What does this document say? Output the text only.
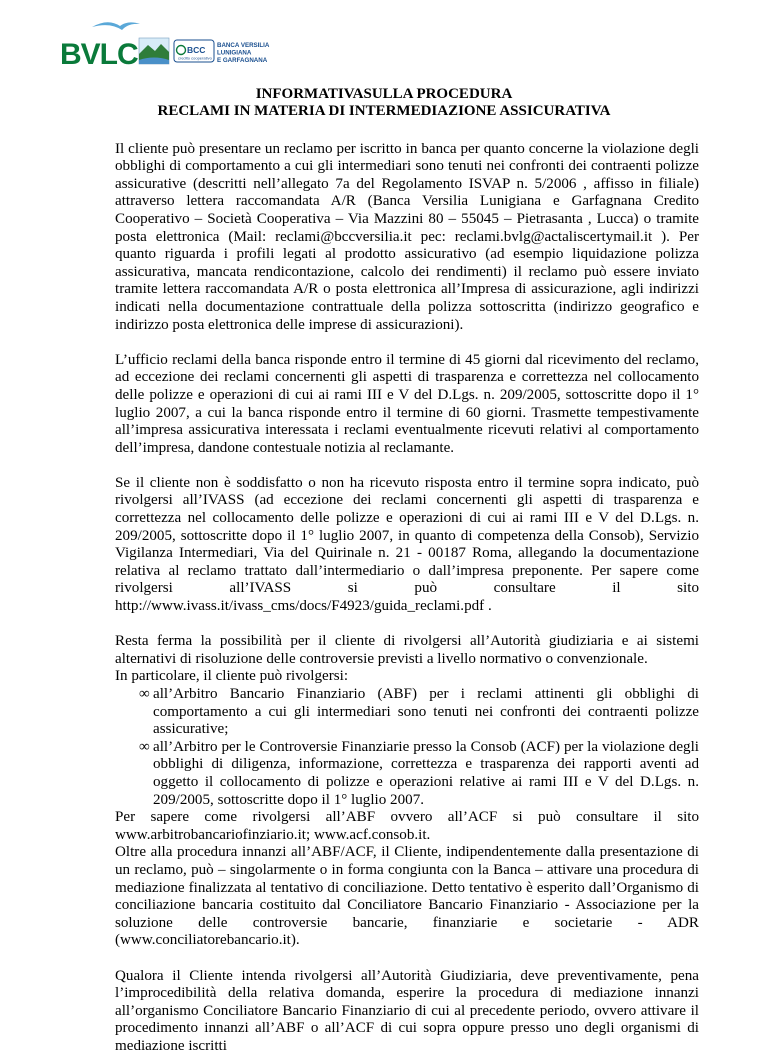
BVLC	BCC
credito cooperativo
BANCA VERSILIA
LUNIGIANA
E GARFAGNANA
INFORMATIVASULLA PROCEDURA
RECLAMI IN MATERIA DI INTERMEDIAZIONE ASSICURATIVA

Il cliente può presentare un reclamo per iscritto in banca per quanto concerne la violazione degli obblighi di comportamento a cui gli intermediari sono tenuti nei confronti dei contraenti polizze assicurative (descritti nell’allegato 7a del Regolamento ISVAP n. 5/2006 , affisso in filiale) attraverso lettera raccomandata A/R (Banca Versilia Lunigiana e Garfagnana Credito Cooperativo – Società Cooperativa – Via Mazzini 80 – 55045 – Pietrasanta , Lucca) o tramite posta elettronica (Mail: reclami@bccversilia.it pec: reclami.bvlg@actaliscertymail.it ). Per quanto riguarda i profili legati al prodotto assicurativo (ad esempio liquidazione polizza assicurativa, mancata rendicontazione, calcolo dei rendimenti) il reclamo può essere inviato tramite lettera raccomandata A/R o posta elettronica all’Impresa di assicurazione, agli indirizzi indicati nella documentazione contrattuale della polizza sottoscritta (indirizzo geografico e indirizzo posta elettronica delle imprese di assicurazioni).

L’ufficio reclami della banca risponde entro il termine di 45 giorni dal ricevimento del reclamo, ad eccezione dei reclami concernenti gli aspetti di trasparenza e correttezza nel collocamento delle polizze e operazioni di cui ai rami III e V del D.Lgs. n. 209/2005, sottoscritte dopo il 1° luglio 2007, a cui la banca risponde entro il termine di 60 giorni. Trasmette tempestivamente all’impresa assicurativa interessata i reclami eventualmente ricevuti relativi al comportamento dell’impresa, dandone contestuale notizia al reclamante.

Se il cliente non è soddisfatto o non ha ricevuto risposta entro il termine sopra indicato, può rivolgersi all’IVASS (ad eccezione dei reclami concernenti gli aspetti di trasparenza e correttezza nel collocamento delle polizze e operazioni di cui ai rami III e V del D.Lgs. n. 209/2005, sottoscritte dopo il 1° luglio 2007, in quanto di competenza della Consob), Servizio Vigilanza Intermediari, Via del Quirinale n. 21 - 00187 Roma, allegando la documentazione relativa al reclamo trattato dall’intermediario o dall’impresa preponente. Per sapere come rivolgersi all’IVASS si può consultare il sito http://www.ivass.it/ivass_cms/docs/F4923/guida_reclami.pdf .

Resta ferma la possibilità per il cliente di rivolgersi all’Autorità giudiziaria e ai sistemi alternativi di risoluzione delle controversie previsti a livello normativo o convenzionale.

In particolare, il cliente può rivolgersi:

∞ all’Arbitro Bancario Finanziario (ABF) per i reclami attinenti gli obblighi di comportamento a cui gli intermediari sono tenuti nei confronti dei contraenti polizze assicurative;
∞ all’Arbitro per le Controversie Finanziarie presso la Consob (ACF) per la violazione degli obblighi di diligenza, informazione, correttezza e trasparenza dei rapporti aventi ad oggetto il collocamento di polizze e operazioni relative ai rami III e V del D.Lgs. n. 209/2005, sottoscritte dopo il 1° luglio 2007.

Per sapere come rivolgersi all’ABF ovvero all’ACF si può consultare il sito

www.arbitrobancariofinziario.it; www.acf.consob.it.

Oltre alla procedura innanzi all’ABF/ACF, il Cliente, indipendentemente dalla presentazione di un reclamo, può – singolarmente o in forma congiunta con la Banca – attivare una procedura di mediazione finalizzata al tentativo di conciliazione. Detto tentativo è esperito dall’Organismo di conciliazione bancaria costituito dal Conciliatore Bancario Finanziario - Associazione per la soluzione delle controversie bancarie, finanziarie e societarie - ADR (www.conciliatorebancario.it).

Qualora il Cliente intenda rivolgersi all’Autorità Giudiziaria, deve preventivamente, pena l’improcedibilità della relativa domanda, esperire la procedura di mediazione innanzi all’organismo Conciliatore Bancario Finanziario di cui al precedente periodo, ovvero attivare il procedimento innanzi all’ABF o all’ACF di cui sopra oppure presso uno degli organismi di mediazione iscritti
